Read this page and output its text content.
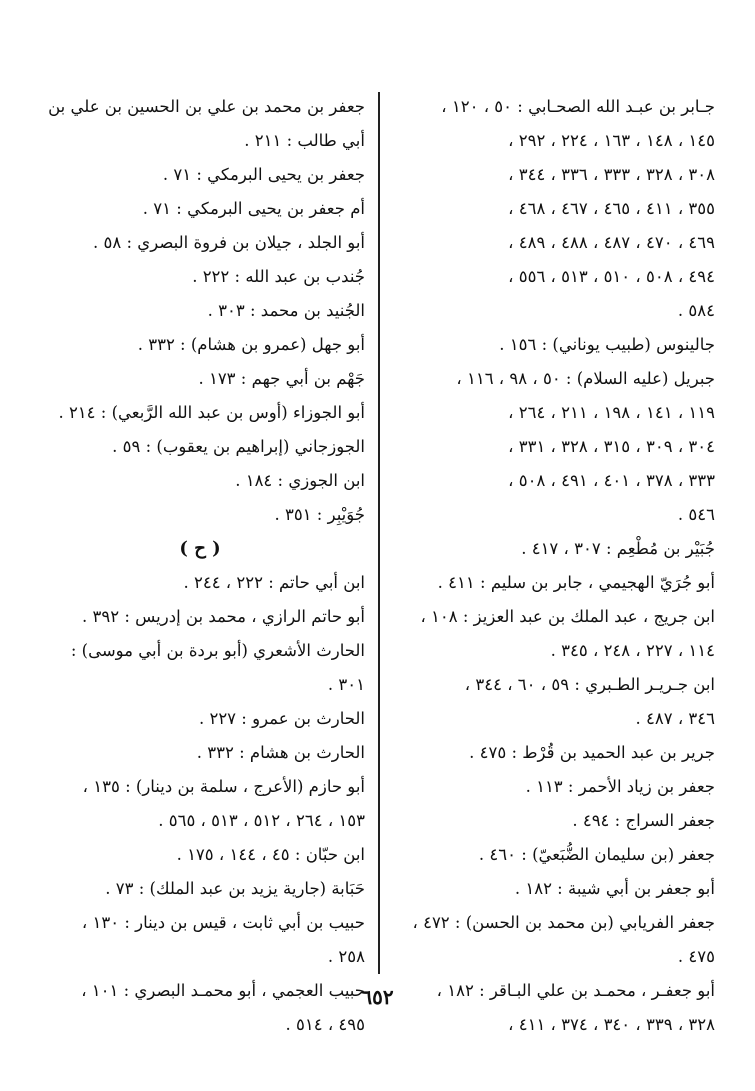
جـابر بن عبـد الله الصحـابي : ٥٠ ، ١٢٠ ،
١٤٥ ، ١٤٨ ، ١٦٣ ، ٢٢٤ ، ٢٩٢ ،
٣٠٨ ، ٣٢٨ ، ٣٣٣ ، ٣٣٦ ، ٣٤٤ ،
٣٥٥ ، ٤١١ ، ٤٦٥ ، ٤٦٧ ، ٤٦٨ ،
٤٦٩ ، ٤٧٠ ، ٤٨٧ ، ٤٨٨ ، ٤٨٩ ،
٤٩٤ ، ٥٠٨ ، ٥١٠ ، ٥١٣ ، ٥٥٦ ،
٥٨٤ .
جالينوس (طبيب يوناني) : ١٥٦ .
جبريل (عليه السلام) : ٥٠ ، ٩٨ ، ١١٦ ،
١١٩ ، ١٤١ ، ١٩٨ ، ٢١١ ، ٢٦٤ ،
٣٠٤ ، ٣٠٩ ، ٣١٥ ، ٣٢٨ ، ٣٣١ ،
٣٣٣ ، ٣٧٨ ، ٤٠١ ، ٤٩١ ، ٥٠٨ ،
٥٤٦ .
جُبَيْر بن مُطْعِم : ٣٠٧ ، ٤١٧ .
أبو جُرَيّ الهجيمي ، جابر بن سليم : ٤١١ .
ابن جريج ، عبد الملك بن عبد العزيز : ١٠٨ ،
١١٤ ، ٢٢٧ ، ٢٤٨ ، ٣٤٥ .
ابن جـريـر الطـبري : ٥٩ ، ٦٠ ، ٣٤٤ ،
٣٤٦ ، ٤٨٧ .
جرير بن عبد الحميد بن قُرْط : ٤٧٥ .
جعفر بن زياد الأحمر : ١١٣ .
جعفر السراج : ٤٩٤ .
جعفر (بن سليمان الضُّبَعيّ) : ٤٦٠ .
أبو جعفر بن أبي شيبة : ١٨٢ .
جعفر الفريابي (بن محمد بن الحسن) : ٤٧٢ ،
٤٧٥ .
أبو جعفـر ، محمـد بن علي البـاقر : ١٨٢ ،
٣٢٨ ، ٣٣٩ ، ٣٤٠ ، ٣٧٤ ، ٤١١ ،
جعفر بن محمد بن علي بن الحسين بن علي بن
أبي طالب : ٢١١ .
جعفر بن يحيى البرمكي : ٧١ .
أم جعفر بن يحيى البرمكي : ٧١ .
أبو الجلد ، جيلان بن فروة البصري : ٥٨ .
جُندب بن عبد الله : ٢٢٢ .
الجُنيد بن محمد : ٣٠٣ .
أبو جهل (عمرو بن هشام) : ٣٣٢ .
جَهْم بن أبي جهم : ١٧٣ .
أبو الجوزاء (أوس بن عبد الله الرَّبعي) : ٢١٤ .
الجوزجاني (إبراهيم بن يعقوب) : ٥٩ .
ابن الجوزي : ١٨٤ .
جُوَيْبِر : ٣٥١ .
( ح )
ابن أبي حاتم : ٢٢٢ ، ٢٤٤ .
أبو حاتم الرازي ، محمد بن إدريس : ٣٩٢ .
الحارث الأشعري (أبو بردة بن أبي موسى) :
٣٠١ .
الحارث بن عمرو : ٢٢٧ .
الحارث بن هشام : ٣٣٢ .
أبو حازم (الأعرج ، سلمة بن دينار) : ١٣٥ ،
١٥٣ ، ٢٦٤ ، ٥١٢ ، ٥١٣ ، ٥٦٥ .
ابن حبّان : ٤٥ ، ١٤٤ ، ١٧٥ .
حَبَابة (جارية يزيد بن عبد الملك) : ٧٣ .
حبيب بن أبي ثابت ، قيس بن دينار : ١٣٠ ،
٢٥٨ .
حبيب العجمي ، أبو محمـد البصري : ١٠١ ،
٤٩٥ ، ٥١٤ .
٦٥٢
